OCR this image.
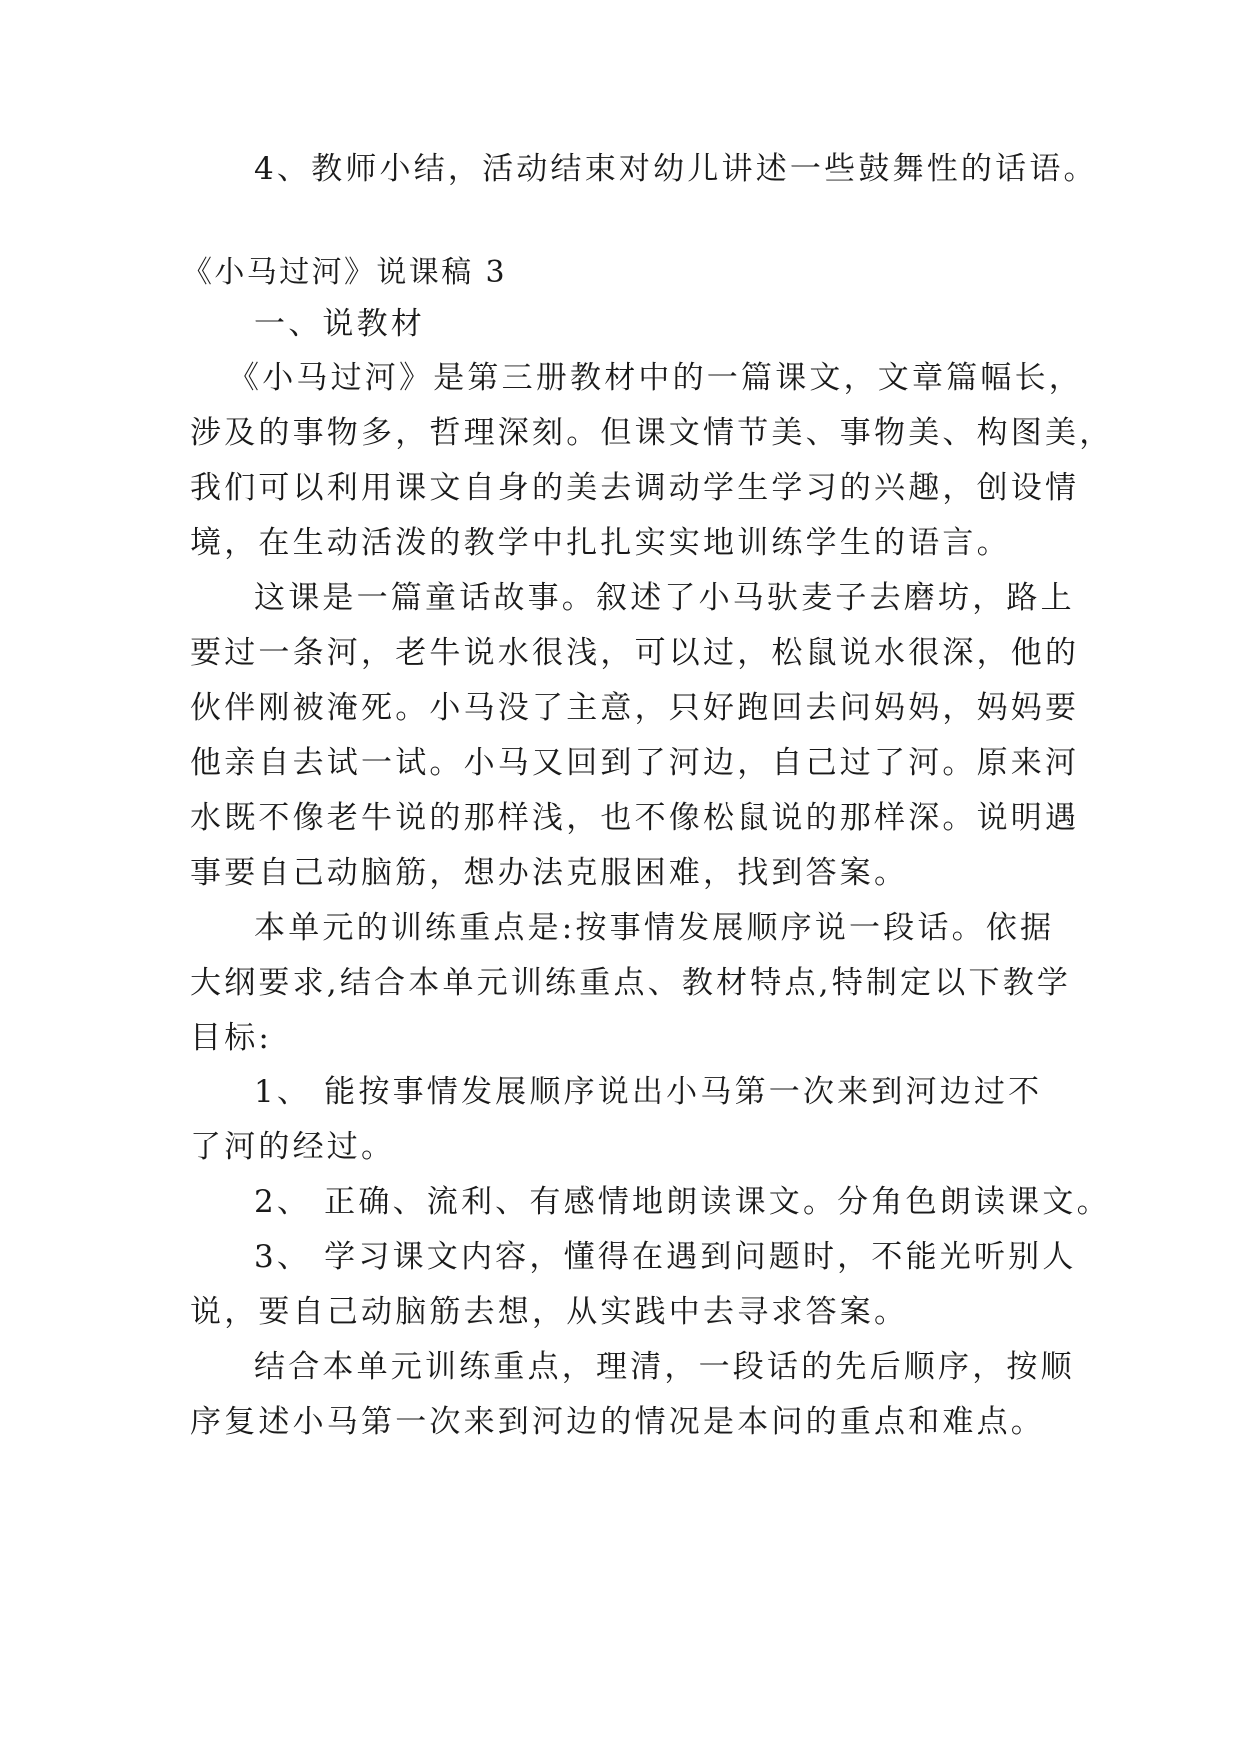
4、教师小结，活动结束对幼儿讲述一些鼓舞性的话语。
《小马过河》说课稿 3
一、说教材
《小马过河》是第三册教材中的一篇课文，文章篇幅长，
涉及的事物多，哲理深刻。但课文情节美、事物美、构图美，
我们可以利用课文自身的美去调动学生学习的兴趣，创设情
境，在生动活泼的教学中扎扎实实地训练学生的语言。
这课是一篇童话故事。叙述了小马驮麦子去磨坊，路上
要过一条河，老牛说水很浅，可以过，松鼠说水很深，他的
伙伴刚被淹死。小马没了主意，只好跑回去问妈妈，妈妈要
他亲自去试一试。小马又回到了河边，自己过了河。原来河
水既不像老牛说的那样浅，也不像松鼠说的那样深。说明遇
事要自己动脑筋，想办法克服困难，找到答案。
本单元的训练重点是:按事情发展顺序说一段话。依据
大纲要求,结合本单元训练重点、教材特点,特制定以下教学
目标:
1、 能按事情发展顺序说出小马第一次来到河边过不
了河的经过。
2、 正确、流利、有感情地朗读课文。分角色朗读课文。
3、 学习课文内容，懂得在遇到问题时，不能光听别人
说，要自己动脑筋去想，从实践中去寻求答案。
结合本单元训练重点，理清，一段话的先后顺序，按顺
序复述小马第一次来到河边的情况是本问的重点和难点。
